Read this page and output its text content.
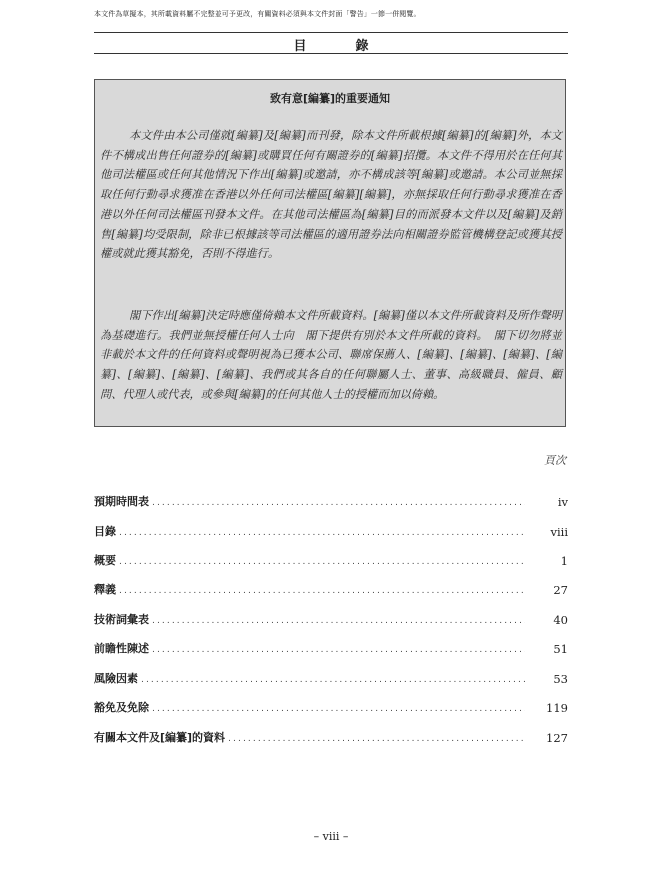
本文件為草擬本，其所載資料屬不完整並可予更改，有關資料必須與本文件封面「警告」一節一併閱覽。
目　錄
致有意[編纂]的重要通知

本文件由本公司僅就[編纂]及[編纂]而刊發，除本文件所載根據[編纂]的[編纂]外，本文件不構成出售任何證券的[編纂]或購買任何有關證券的[編纂]招攬。本文件不得用於在任何其他司法權區或任何其他情況下作出[編纂]或邀請，亦不構成該等[編纂]或邀請。本公司並無採取任何行動尋求獲准在香港以外任何司法權區[編纂][編纂]，亦無採取任何行動尋求獲准在香港以外任何司法權區刊發本文件。在其他司法權區為[編纂]目的而派發本文件以及[編纂]及銷售[編纂]均受限制，除非已根據該等司法權區的適用證券法向相關證券監管機構登記或獲其授權或就此獲其豁免，否則不得進行。

閣下作出[編纂]決定時應僅倚賴本文件所載資料。[編纂]僅以本文件所載資料及所作聲明為基礎進行。我們並無授權任何人士向　閣下提供有別於本文件所載的資料。　閣下切勿將並非載於本文件的任何資料或聲明視為已獲本公司、聯席保薦人、[編纂]、[編纂]、[編纂]、[編纂]、[編纂]、[編纂]、[編纂]、我們或其各自的任何聯屬人士、董事、高級職員、僱員、顧問、代理人或代表，或參與[編纂]的任何其他人士的授權而加以倚賴。

頁次
預期時間表 .....	iv
目錄 .....	viii
概要 .....	1
釋義 .....	27
技術詞彙表 .....	40
前瞻性陳述 .....	51
風險因素 .....	53
豁免及免除 .....	119
有關本文件及[編纂]的資料 .....	127
– viii –
